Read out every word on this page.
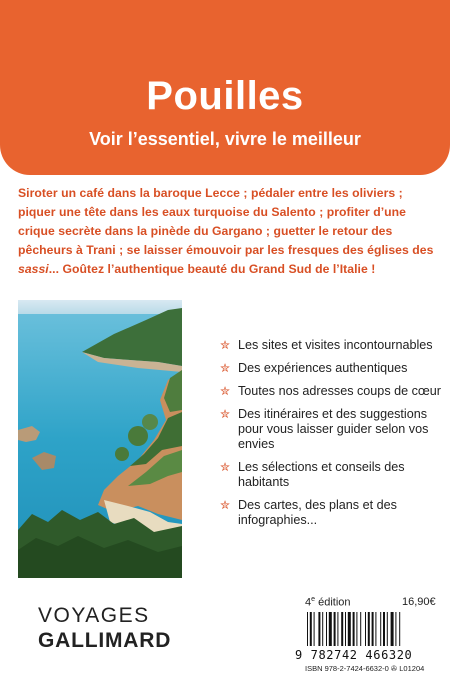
Pouilles

Voir l’essentiel, vivre le meilleur

Siroter un café dans la baroque Lecce ; pédaler entre les oliviers ; piquer une tête dans les eaux turquoise du Salento ; profiter d’une crique secrète dans la pinède du Gargano ; guetter le retour des pêcheurs à Trani ; se laisser émouvoir par les fresques des églises des sassi... Goûtez l’authentique beauté du Grand Sud de l’Italie !

✮ Les sites et visites incontournables
✮ Des expériences authentiques
✮ Toutes nos adresses coups de cœur
✮ Des itinéraires et des suggestions pour vous laisser guider selon vos envies
✮ Les sélections et conseils des habitants
✮ Des cartes, des plans et des infographies...
VOYAGES
GALLIMARD
4e édition	16,90€
9 782742 466320
ISBN 978-2-7424-6632-0 ✇ L01204
